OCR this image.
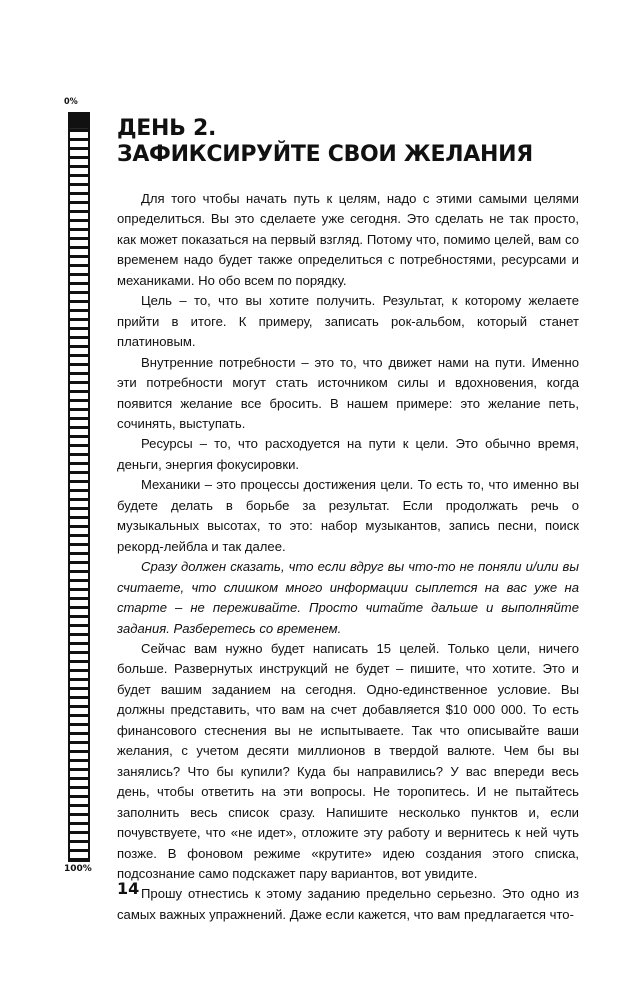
0%
100%
ДЕНЬ 2.
ЗАФИКСИРУЙТЕ СВОИ ЖЕЛАНИЯ

Для того чтобы начать путь к целям, надо с этими самыми целями определиться. Вы это сделаете уже сегодня. Это сделать не так просто, как может показаться на первый взгляд. Потому что, помимо целей, вам со временем надо будет также определиться с потребностями, ресурсами и механиками. Но обо всем по порядку.

Цель – то, что вы хотите получить. Результат, к которому желаете прийти в итоге. К примеру, записать рок-альбом, который станет платиновым.

Внутренние потребности – это то, что движет нами на пути. Именно эти потребности могут стать источником силы и вдохновения, когда появится желание все бросить. В нашем примере: это желание петь, сочинять, выступать.

Ресурсы – то, что расходуется на пути к цели. Это обычно время, деньги, энергия фокусировки.

Механики – это процессы достижения цели. То есть то, что именно вы будете делать в борьбе за результат. Если продолжать речь о музыкальных высотах, то это: набор музыкантов, запись песни, поиск рекорд-лейбла и так далее.

Сразу должен сказать, что если вдруг вы что-то не поняли и/или вы считаете, что слишком много информации сыплется на вас уже на старте – не переживайте. Просто читайте дальше и выполняйте задания. Разберетесь со временем.

Сейчас вам нужно будет написать 15 целей. Только цели, ничего больше. Развернутых инструкций не будет – пишите, что хотите. Это и будет вашим заданием на сегодня. Одно-единственное условие. Вы должны представить, что вам на счет добавляется $10 000 000. То есть финансового стеснения вы не испытываете. Так что описывайте ваши желания, с учетом десяти миллионов в твердой валюте. Чем бы вы занялись? Что бы купили? Куда бы направились? У вас впереди весь день, чтобы ответить на эти вопросы. Не торопитесь. И не пытайтесь заполнить весь список сразу. Напишите несколько пунктов и, если почувствуете, что «не идет», отложите эту работу и вернитесь к ней чуть позже. В фоновом режиме «крутите» идею создания этого списка, подсознание само подскажет пару вариантов, вот увидите.

Прошу отнестись к этому заданию предельно серьезно. Это одно из самых важных упражнений. Даже если кажется, что вам предлагается что-

14
